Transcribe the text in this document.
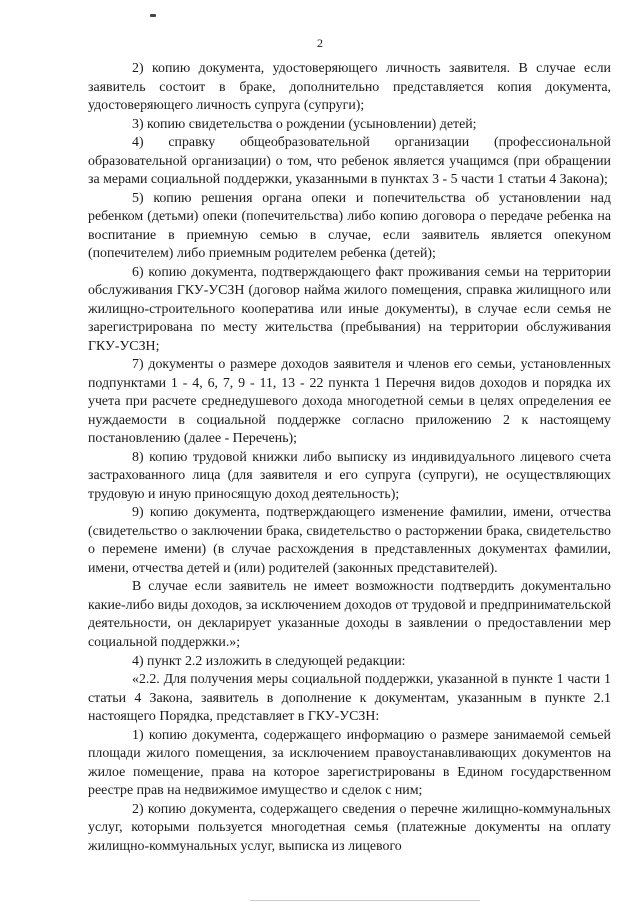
2

2) копию документа, удостоверяющего личность заявителя. В случае если заявитель состоит в браке, дополнительно представляется копия документа, удостоверяющего личность супруга (супруги);

3) копию свидетельства о рождении (усыновлении) детей;

4) справку общеобразовательной организации (профессиональной образовательной организации) о том, что ребенок является учащимся (при обращении за мерами социальной поддержки, указанными в пунктах 3 - 5 части 1 статьи 4 Закона);

5) копию решения органа опеки и попечительства об установлении над ребенком (детьми) опеки (попечительства) либо копию договора о передаче ребенка на воспитание в приемную семью в случае, если заявитель является опекуном (попечителем) либо приемным родителем ребенка (детей);

6) копию документа, подтверждающего факт проживания семьи на территории обслуживания ГКУ-УСЗН (договор найма жилого помещения, справка жилищного или жилищно-строительного кооператива или иные документы), в случае если семья не зарегистрирована по месту жительства (пребывания) на территории обслуживания ГКУ-УСЗН;

7) документы о размере доходов заявителя и членов его семьи, установленных подпунктами 1 - 4, 6, 7, 9 - 11, 13 - 22 пункта 1 Перечня видов доходов и порядка их учета при расчете среднедушевого дохода многодетной семьи в целях определения ее нуждаемости в социальной поддержке согласно приложению 2 к настоящему постановлению (далее - Перечень);

8) копию трудовой книжки либо выписку из индивидуального лицевого счета застрахованного лица (для заявителя и его супруга (супруги), не осуществляющих трудовую и иную приносящую доход деятельность);

9) копию документа, подтверждающего изменение фамилии, имени, отчества (свидетельство о заключении брака, свидетельство о расторжении брака, свидетельство о перемене имени) (в случае расхождения в представленных документах фамилии, имени, отчества детей и (или) родителей (законных представителей).

В случае если заявитель не имеет возможности подтвердить документально какие-либо виды доходов, за исключением доходов от трудовой и предпринимательской деятельности, он декларирует указанные доходы в заявлении о предоставлении мер социальной поддержки.»;

4) пункт 2.2 изложить в следующей редакции:

«2.2. Для получения меры социальной поддержки, указанной в пункте 1 части 1 статьи 4 Закона, заявитель в дополнение к документам, указанным в пункте 2.1 настоящего Порядка, представляет в ГКУ-УСЗН:

1) копию документа, содержащего информацию о размере занимаемой семьей площади жилого помещения, за исключением правоустанавливающих документов на жилое помещение, права на которое зарегистрированы в Едином государственном реестре прав на недвижимое имущество и сделок с ним;

2) копию документа, содержащего сведения о перечне жилищно-коммунальных услуг, которыми пользуется многодетная семья (платежные документы на оплату жилищно-коммунальных услуг, выписка из лицевого
